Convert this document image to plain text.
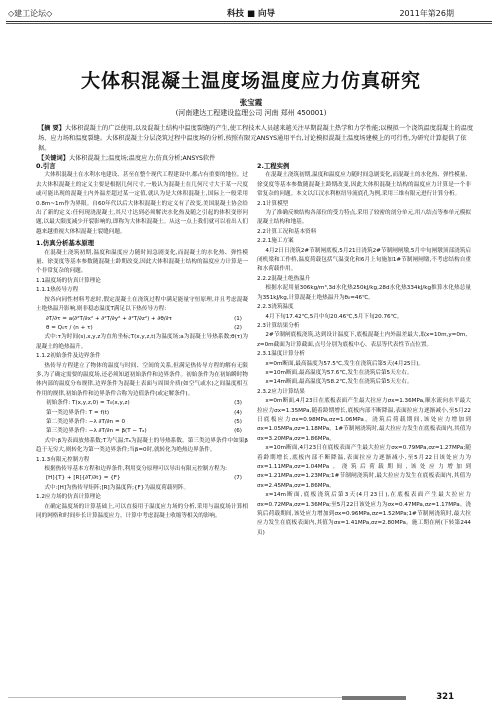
◇建工论坛◇	科技 ■ 向导	2011年第26期
大体积混凝土温度场温度应力仿真研究
张宝霞
(河南建达工程建设监理公司 河南 郑州 450001)
【摘 要】大体积混凝土的广泛使用,以及混凝土结构中温度裂缝的产生,使工程技术人员越来越关注早期混凝土热学和力学性能;以模拟一个浇筑温度混凝土的温度场、应力场和温度裂缝。大体积混凝土分层浇筑过程中温度场的分析,按照有限元ANSYS通用平台,讨论模拟混凝土温度场建模上的可行性,为研究计算提供了依据。
【关键词】大体积混凝土;温度场;温度应力;仿真分析;ANSYS软件
0.引言

大体积混凝土在水利水电建设、甚至在整个现代工程建设中,都占有重要的地位。过去大体积混凝土的定义主要是根据几何尺寸,一般认为混凝土在几何尺寸大于某一尺度或可能出现的混凝土内外温差超过某一定值,就认为是大体积混凝土,国际上一般采用0.8m~1m作为界限。自60年代以后大体积混凝土的定义有了改变,美国混凝土协会给出了新的定义:任何现浇混凝土,其尺寸达到必须解决水化热及随之引起的体积变形问题,以最大限度减少开裂影响的,即称为大体积混凝土。从这一点上我们就可以看出人们越来越重视大体积混凝土裂缝问题。

1.仿真分析基本原理

在混凝土浇筑初期,温度和温度应力随时间急剧变化,而混凝土的水化热、弹性模量、徐变度等基本参数随混凝土龄期改变,因此大体积混凝土结构的温度应力计算是一个非常复杂的问题。

1.1温度场的仿真计算理论
1.1.1热传导方程

按各向同性材料考虑时,假定混凝土在浇筑过程中满足能量守恒原理,并且考虑混凝土绝热温升影响,则非稳态温度T满足以下热传导方程:

∂T/∂τ = a(∂²T/∂x² + ∂²T/∂y² + ∂²T/∂z²) + ∂θ/∂τ	(1)
θ = Q₀τ / (n + τ)	(2)

式中:τ为时间(s),x,y,z为直角坐标;T(x,y,z,t)为温度场;a为混凝土导热系数;θ(τ)为混凝土的绝热温升。

1.1.2初始条件及边界条件

热传导方程建立了物体的温度与时间、空间的关系,但满足热传导方程的解有无限多,为了确定需要的温度场,还必须知道初始条件和边界条件。初始条件为在初始瞬时物体内部的温度分布规律,边界条件为混凝土表面与周围介质(如空气或水)之间温度相互作用的规律,初始条件和边界条件合称为边值条件(或定解条件)。

初始条件: T(x,y,z,0) = T₀(x,y,z)	(3)
第一类边界条件: T = f(t)	(4)
第二类边界条件: −λ ∂T/∂n = 0	(5)
第三类边界条件: −λ ∂T/∂n = β(T − Tₐ)	(6)

式中:β为表面放热系数;T为气温;Tₐ为混凝土的导热系数。第三类边界条件中如果β趋于无穷大,则转化为第一类边界条件;当β=0时,就转化为绝热边界条件。

1.1.3有限元控制方程

根据热传导基本方程和边界条件,利用变分原理可以导出有限元控制方程为:

[H]{T} + [R]{∂T/∂t} = {F}	(7)

式中:[H]为热传导矩阵;[R]为温度阵;{F}为温度荷载列阵。

1.2应力场的仿真计算理论

在确定温度场的计算基础上,可以直接用于温度应力场的分析,采用与温度场计算相同的网格和时间步长计算温度应力。计算中考虑混凝土收缩等相关的影响。

2.工程实例

在混凝土浇筑初期,温度和温度应力随时间急剧变化,而混凝土的水化热、弹性模量、徐变度等基本参数随混凝土龄期改变,因此大体积混凝土结构的温度应力计算是一个非常复杂的问题。本文以江汉水利枢纽导流底孔为例,采用三维有限元进行计算分析。

2.1计算模型

为了准确反映结构各部位的受力特点,采用了较密的剖分单元,用八结点等参单元模拟混凝土结构和地基。

2.2计算工况和基本资料
2.2.1施工方案

4月2日日浇筑2#节制闸底板,5月21日浇筑2#节制闸闸墩,5月中旬闸墩顶部浇筑启闭机梁和工作桥,温度荷载包括气温变化和6月上旬施加1#节制闸闸墩,不考虑结构自重和水荷载作用。

2.2.2混凝土绝热温升

根据水泥用量306kg/m³,3d水化热250kJ/kg,28d水化热334kJ/kg推算水化热总量为351kJ/kg,计算混凝土绝热温升为θ₀=46℃。

2.2.3浇筑温度

4月下旬17.42℃,5月中旬20.46℃,5月下旬20.76℃。

2.3计算结果分析

2#节制闸底板浇筑,达到设计温度下,底板混凝土内外温差最大,取x=10m,y=0m、z=0m截面为计算截面,点号分别为底板中心、表层等代表性节点位置。

2.3.1温度计算分析

x=0m断面,最高温度为57.5℃,发生在浇筑后第5天(4月25日)。

x=10m断面,最高温度为57.6℃,发生在浇筑后第5天左右。

x=14m断面,最高温度为58.2℃,发生在浇筑后第5天左右。

2.3.2应力计算结果

x=0m断面,4月23日在底板表面产生最大拉应力σx=1.36MPa,顺水流向水平最大拉应力σx=1.35MPa,随着龄期增长,底板内部不断降温,表面拉应力逐渐减小,至5月22日底板应力σx=0.98MPa,σz=1.06MPa。浇筑后荷载期间,该处应力增加到σx=1.05MPa,σz=1.18MPa。1#节制闸浇筑时,最大拉应力发生在底板表面内,其值为σx=3.20MPa,σz=1.86MPa。

x=10m断面,4月23日在底板表面产生最大拉应力σx=0.79MPa,σz=1.27MPa;随着龄期增长,底板内部不断降温,表面拉应力逐渐减小,至5月22日该处应力为σx=1.11MPa,σz=1.04MPa。浇筑后荷载期间,该处应力增加到σx=1.21MPa,σz=1.23MPa;1#节制闸浇筑时,最大拉应力发生在底板表面内,其值为σx=2.45MPa,σz=1.86MPa。

x=14m断面,底板浇筑后第3天(4月23日),在底板表面产生最大拉应力σx=0.72MPa,σz=1.36MPa;至5月22日该处应力为σx=0.47MPa,σz=1.17MPa。浇筑后荷载期间,该处应力增加到σx=0.96MPa,σz=1.52MPa;1#节制闸浇筑时,最大拉应力发生在底板表面内,其值为σx=1.41MPa,σz=2.80MPa。施工期在闸(下转第244页)

321
